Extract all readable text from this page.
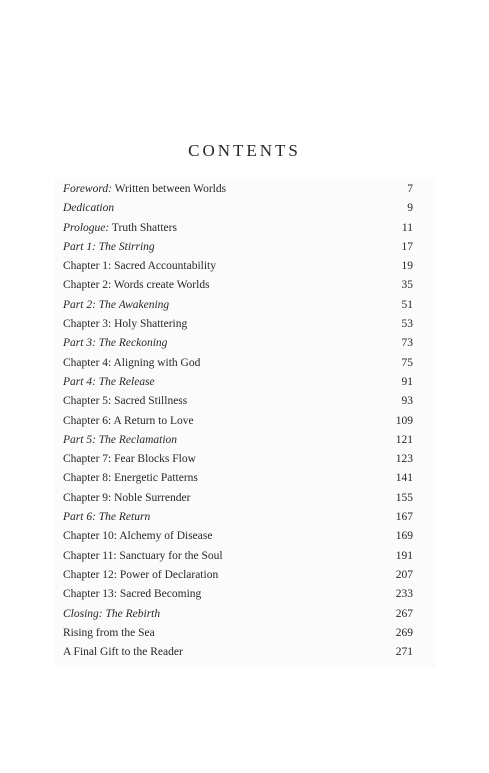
CONTENTS
Foreword: Written between Worlds	7
Dedication	9
Prologue: Truth Shatters	11
Part 1: The Stirring	17
Chapter 1: Sacred Accountability	19
Chapter 2: Words create Worlds	35
Part 2: The Awakening	51
Chapter 3: Holy Shattering	53
Part 3: The Reckoning	73
Chapter 4: Aligning with God	75
Part 4: The Release	91
Chapter 5: Sacred Stillness	93
Chapter 6: A Return to Love	109
Part 5: The Reclamation	121
Chapter 7: Fear Blocks Flow	123
Chapter 8: Energetic Patterns	141
Chapter 9: Noble Surrender	155
Part 6: The Return	167
Chapter 10: Alchemy of Disease	169
Chapter 11: Sanctuary for the Soul	191
Chapter 12: Power of Declaration	207
Chapter 13: Sacred Becoming	233
Closing: The Rebirth	267
Rising from the Sea	269
A Final Gift to the Reader	271
